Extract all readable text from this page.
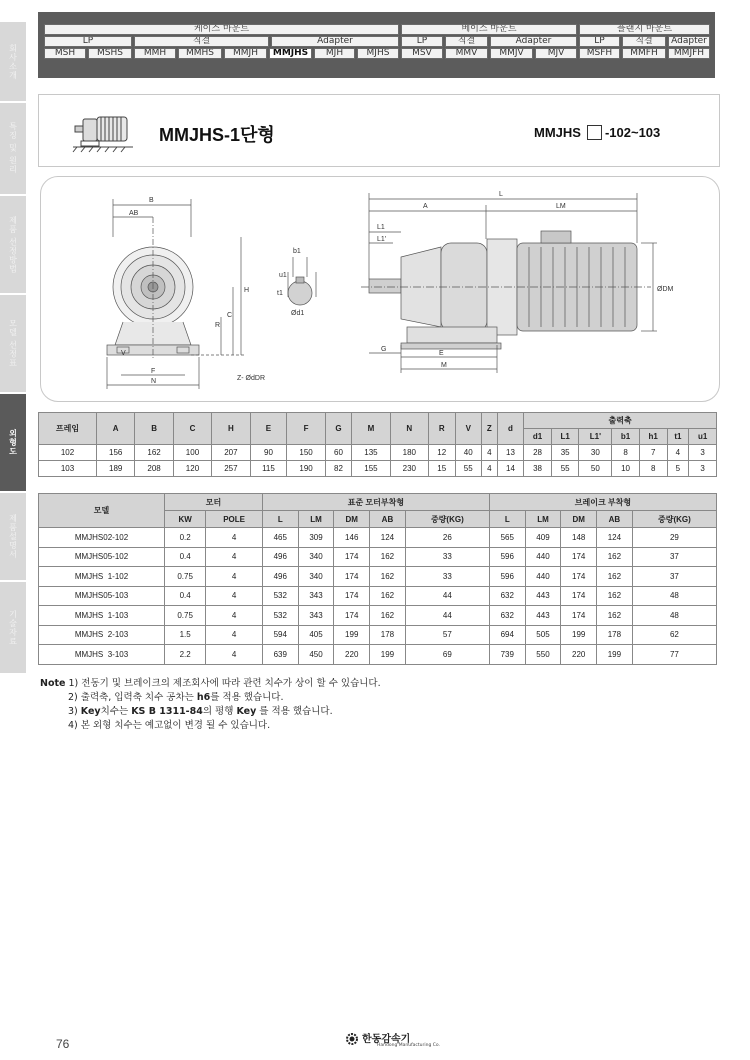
회사소개
특징 및 원리
제품 선정방법
모델 선정표
외형도
제품설명서
기술자료
케이스 마운트	베이스 마운트	플랜지 마운트
LP	직결	Adapter	LP	직결	Adapter	LP	직결	Adapter
MSH	MSHS	MMH	MMHS	MMJH	MMJHS	MJH	MJHS	MSV	MMV	MMJV	MJV	MSFH	MMFH	MMJFH
MMJHS-1단형	MMJHS -102~103
B
AB
H
C
R
V
F
N	Z- ØdDR
b1
u1
t1
Ød1
L
A	LM
L1
L1'
G
E
M
ØDM
프레임	A	B	C	H	E	F	G	M	N	R	V	Z	d	출력축						
														d1	L1	L1'	b1	h1	t1	u1
102	156	162	100	207	90	150	60	135	180	12	40	4	13	28	35	30	8	7	4	3
103	189	208	120	257	115	190	82	155	230	15	55	4	14	38	55	50	10	8	5	3
모델	모터		표준 모터부착형					브레이크 부착형				
	KW	POLE	L	LM	DM	AB	중량(KG)	L	LM	DM	AB	중량(KG)
MMJHS02-102	0.2	4	465	309	146	124	26	565	409	148	124	29
MMJHS05-102	0.4	4	496	340	174	162	33	596	440	174	162	37
MMJHS  1-102	0.75	4	496	340	174	162	33	596	440	174	162	37
MMJHS05-103	0.4	4	532	343	174	162	44	632	443	174	162	48
MMJHS  1-103	0.75	4	532	343	174	162	44	632	443	174	162	48
MMJHS  2-103	1.5	4	594	405	199	178	57	694	505	199	178	62
MMJHS  3-103	2.2	4	639	450	220	199	69	739	550	220	199	77
Note 1) 전동기 및 브레이크의 제조회사에 따라 관련 치수가 상이 할 수 있습니다.
2) 출력축, 입력축 치수 공차는 h6를 적용 했습니다.
3) Key치수는 KS B 1311-84의 평행 Key 를 적용 했습니다.
4) 본 외형 치수는 예고없이 변경 될 수 있습니다.
76	한동감속기
Handong Manufacturing Co.
